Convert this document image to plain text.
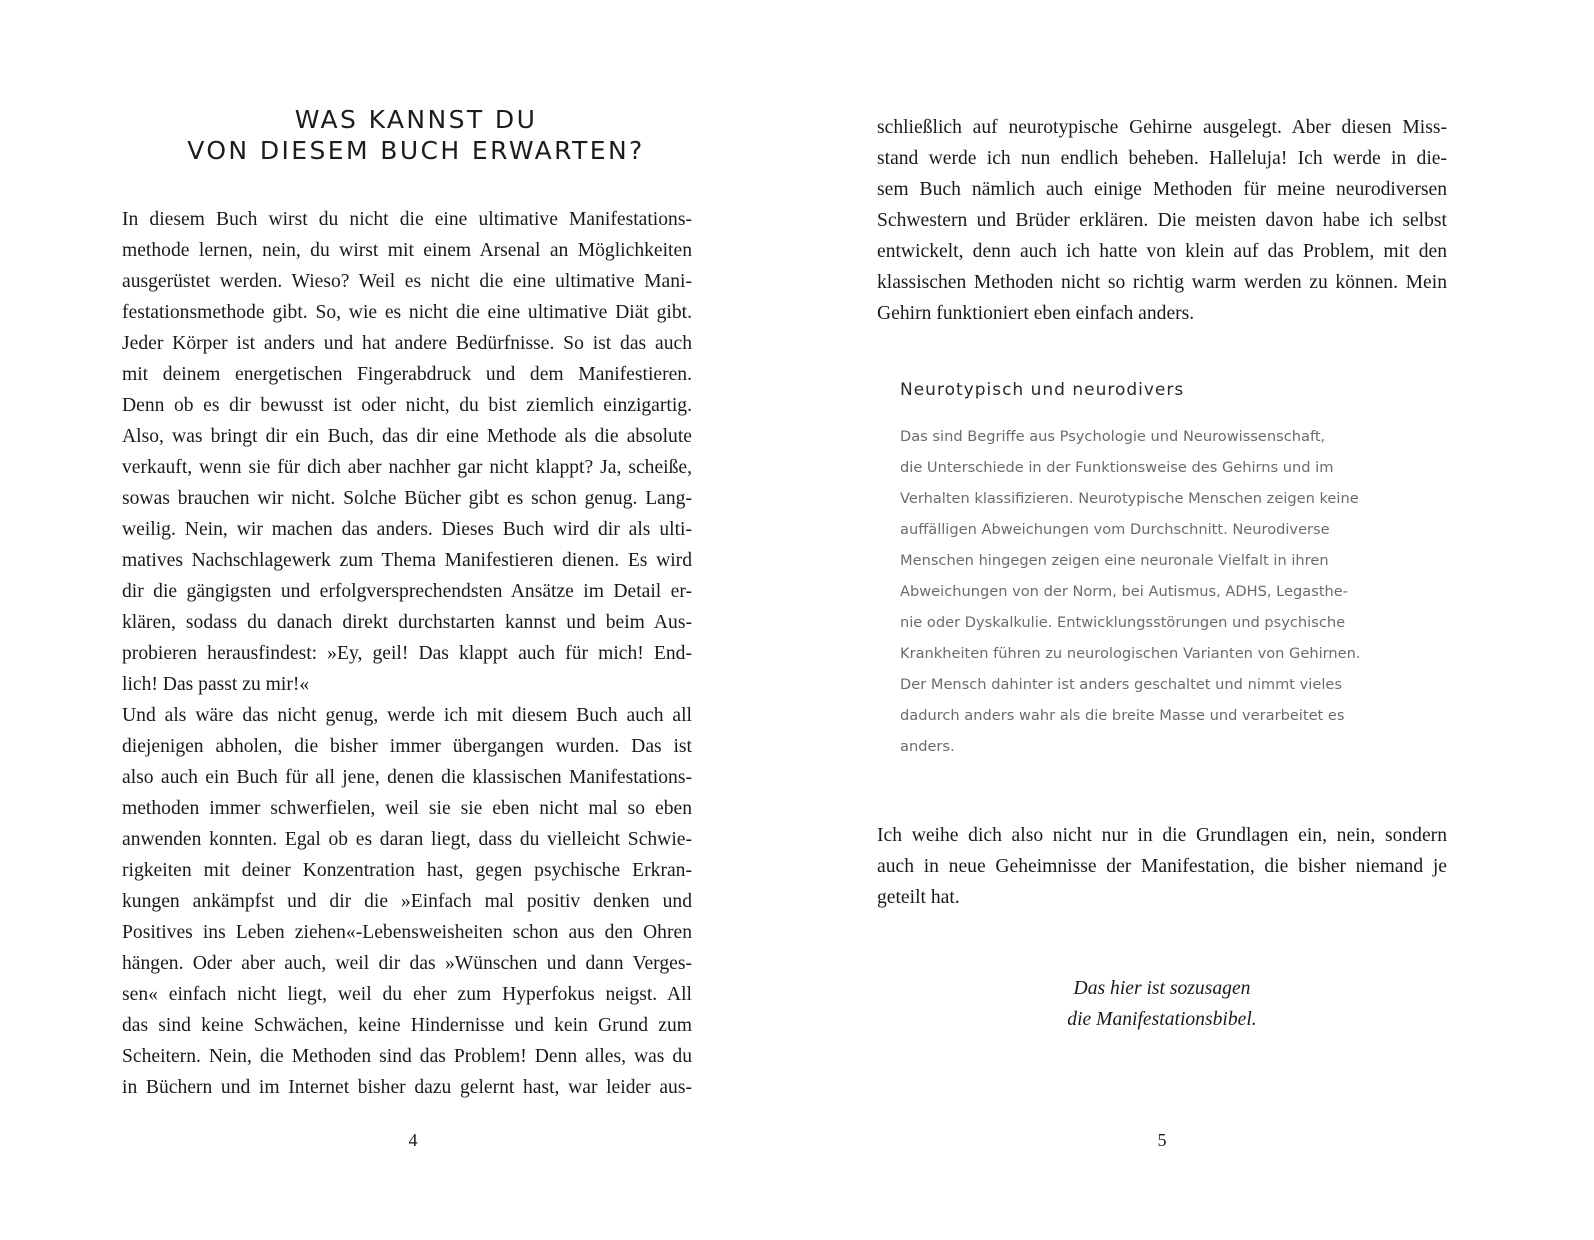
WAS KANNST DU
VON DIESEM BUCH ERWARTEN?
In diesem Buch wirst du nicht die eine ultimative Manifestations-
methode lernen, nein, du wirst mit einem Arsenal an Möglichkeiten
ausgerüstet werden. Wieso? Weil es nicht die eine ultimative Mani-
festationsmethode gibt. So, wie es nicht die eine ultimative Diät gibt.
Jeder Körper ist anders und hat andere Bedürfnisse. So ist das auch
mit deinem energetischen Fingerabdruck und dem Manifestieren.
Denn ob es dir bewusst ist oder nicht, du bist ziemlich einzigartig.
Also, was bringt dir ein Buch, das dir eine Methode als die absolute
verkauft, wenn sie für dich aber nachher gar nicht klappt? Ja, scheiße,
sowas brauchen wir nicht. Solche Bücher gibt es schon genug. Lang-
weilig. Nein, wir machen das anders. Dieses Buch wird dir als ulti-
matives Nachschlagewerk zum Thema Manifestieren dienen. Es wird
dir die gängigsten und erfolgversprechendsten Ansätze im Detail er-
klären, sodass du danach direkt durchstarten kannst und beim Aus-
probieren herausfindest: »Ey, geil! Das klappt auch für mich! End-
lich! Das passt zu mir!«
Und als wäre das nicht genug, werde ich mit diesem Buch auch all
diejenigen abholen, die bisher immer übergangen wurden. Das ist
also auch ein Buch für all jene, denen die klassischen Manifestations-
methoden immer schwerfielen, weil sie sie eben nicht mal so eben
anwenden konnten. Egal ob es daran liegt, dass du vielleicht Schwie-
rigkeiten mit deiner Konzentration hast, gegen psychische Erkran-
kungen ankämpfst und dir die »Einfach mal positiv denken und
Positives ins Leben ziehen«-Lebensweisheiten schon aus den Ohren
hängen. Oder aber auch, weil dir das »Wünschen und dann Verges-
sen« einfach nicht liegt, weil du eher zum Hyperfokus neigst. All
das sind keine Schwächen, keine Hindernisse und kein Grund zum
Scheitern. Nein, die Methoden sind das Problem! Denn alles, was du
in Büchern und im Internet bisher dazu gelernt hast, war leider aus-
4
schließlich auf neurotypische Gehirne ausgelegt. Aber diesen Miss-
stand werde ich nun endlich beheben. Halleluja! Ich werde in die-
sem Buch nämlich auch einige Methoden für meine neurodiversen
Schwestern und Brüder erklären. Die meisten davon habe ich selbst
entwickelt, denn auch ich hatte von klein auf das Problem, mit den
klassischen Methoden nicht so richtig warm werden zu können. Mein
Gehirn funktioniert eben einfach anders.
Neurotypisch und neurodivers
Das sind Begriffe aus Psychologie und Neurowissenschaft,
die Unterschiede in der Funktionsweise des Gehirns und im
Verhalten klassifizieren. Neurotypische Menschen zeigen keine
auffälligen Abweichungen vom Durchschnitt. Neurodiverse
Menschen hingegen zeigen eine neuronale Vielfalt in ihren
Abweichungen von der Norm, bei Autismus, ADHS, Legasthe-
nie oder Dyskalkulie. Entwicklungsstörungen und psychische
Krankheiten führen zu neurologischen Varianten von Gehirnen.
Der Mensch dahinter ist anders geschaltet und nimmt vieles
dadurch anders wahr als die breite Masse und verarbeitet es
anders.
Ich weihe dich also nicht nur in die Grundlagen ein, nein, sondern
auch in neue Geheimnisse der Manifestation, die bisher niemand je
geteilt hat.
Das hier ist sozusagen
die Manifestationsbibel.
5
